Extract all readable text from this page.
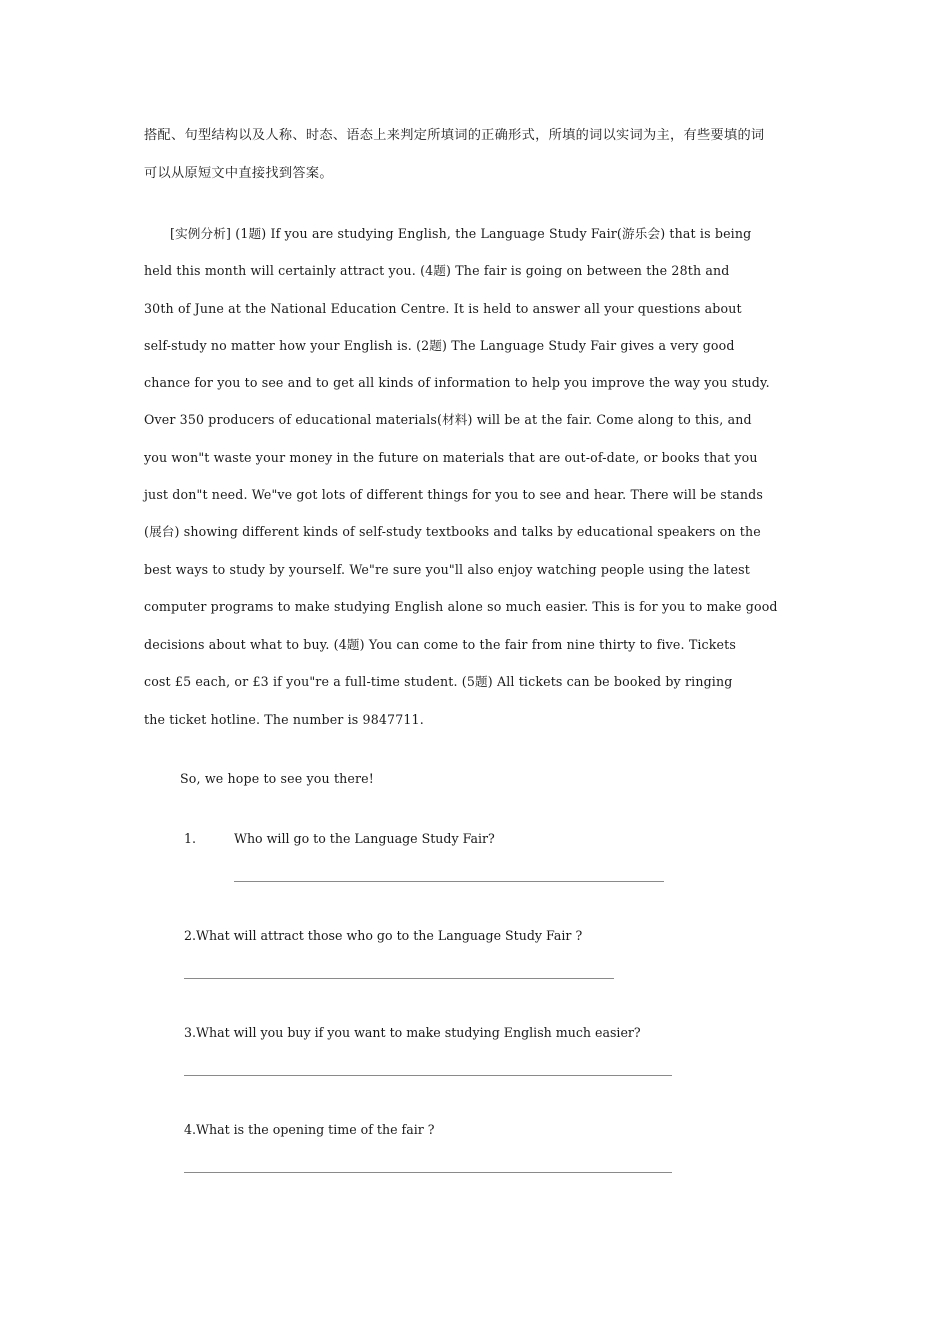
搭配、句型结构以及人称、时态、语态上来判定所填词的正确形式，所填的词以实词为主，有些要填的词
可以从原短文中直接找到答案。
[实例分析] (1题) If you are studying English, the Language Study Fair(游乐会) that is being
held this month will certainly attract you. (4题) The fair is going on between the 28th and
30th of June at the National Education Centre. It is held to answer all your questions about
self-study no matter how your English is. (2题) The Language Study Fair gives a very good
chance for you to see and to get all kinds of information to help you improve the way you study.
Over 350 producers of educational materials(材料) will be at the fair. Come along to this, and
you won"t waste your money in the future on materials that are out-of-date, or books that you
just don"t need. We"ve got lots of different things for you to see and hear. There will be stands
(展台) showing different kinds of self-study textbooks and talks by educational speakers on the
best ways to study by yourself. We"re sure you"ll also enjoy watching people using the latest
computer programs to make studying English alone so much easier. This is for you to make good
decisions about what to buy. (4题) You can come to the fair from nine thirty to five. Tickets
cost £5 each, or £3 if you"re a full-time student. (5题) All tickets can be booked by ringing
the ticket hotline. The number is 9847711.
So, we hope to see you there!
1.	Who will go to the Language Study Fair?
2.What will attract those who go to the Language Study Fair ?
3.What will you buy if you want to make studying English much easier?
4.What is the opening time of the fair ?
